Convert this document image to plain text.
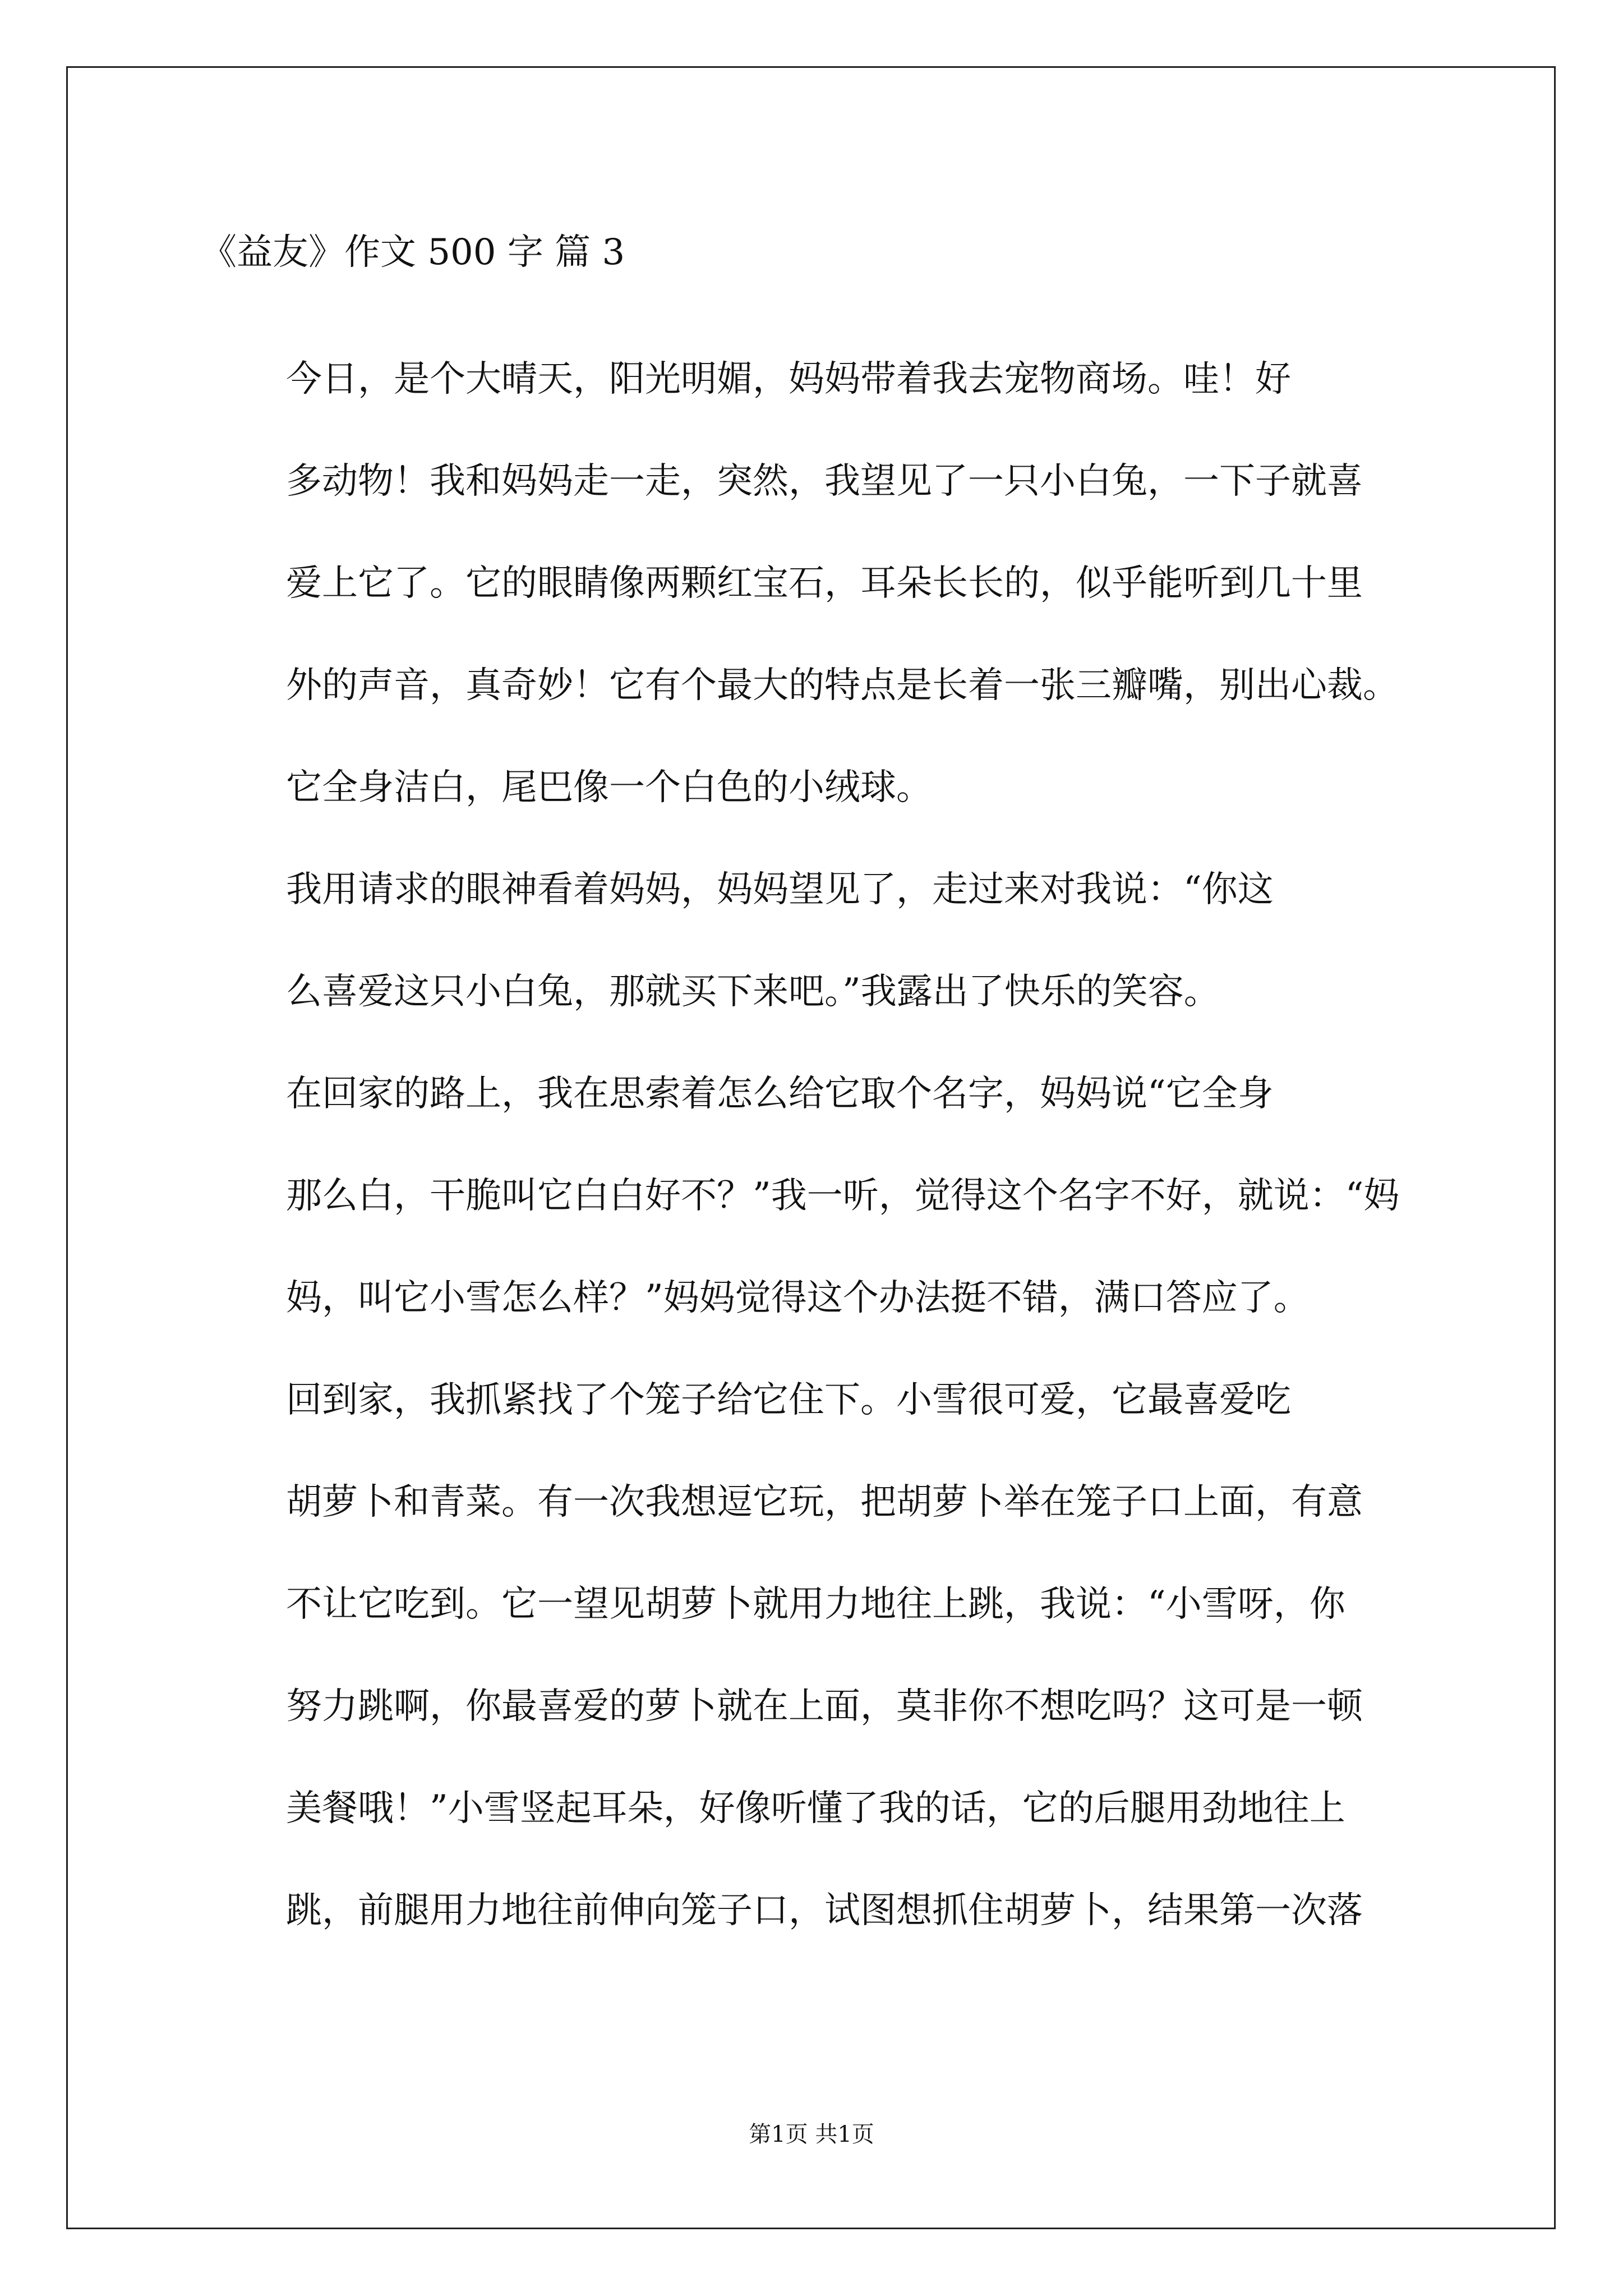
《益友》作文 500 字 篇 3

今日，是个大晴天，阳光明媚，妈妈带着我去宠物商场。哇！好
多动物！我和妈妈走一走，突然，我望见了一只小白兔，一下子就喜
爱上它了。它的眼睛像两颗红宝石，耳朵长长的，似乎能听到几十里
外的声音，真奇妙！它有个最大的特点是长着一张三瓣嘴，别出心裁。
它全身洁白，尾巴像一个白色的小绒球。

我用请求的眼神看着妈妈，妈妈望见了，走过来对我说：“你这
么喜爱这只小白兔，那就买下来吧。”我露出了快乐的笑容。

在回家的路上，我在思索着怎么给它取个名字，妈妈说“它全身
那么白，干脆叫它白白好不？”我一听，觉得这个名字不好，就说：“妈
妈，叫它小雪怎么样？”妈妈觉得这个办法挺不错，满口答应了。

回到家，我抓紧找了个笼子给它住下。小雪很可爱，它最喜爱吃
胡萝卜和青菜。有一次我想逗它玩，把胡萝卜举在笼子口上面，有意
不让它吃到。它一望见胡萝卜就用力地往上跳，我说：“小雪呀，你
努力跳啊，你最喜爱的萝卜就在上面，莫非你不想吃吗？这可是一顿
美餐哦！”小雪竖起耳朵，好像听懂了我的话，它的后腿用劲地往上
跳，前腿用力地往前伸向笼子口，试图想抓住胡萝卜，结果第一次落

第1页 共1页
